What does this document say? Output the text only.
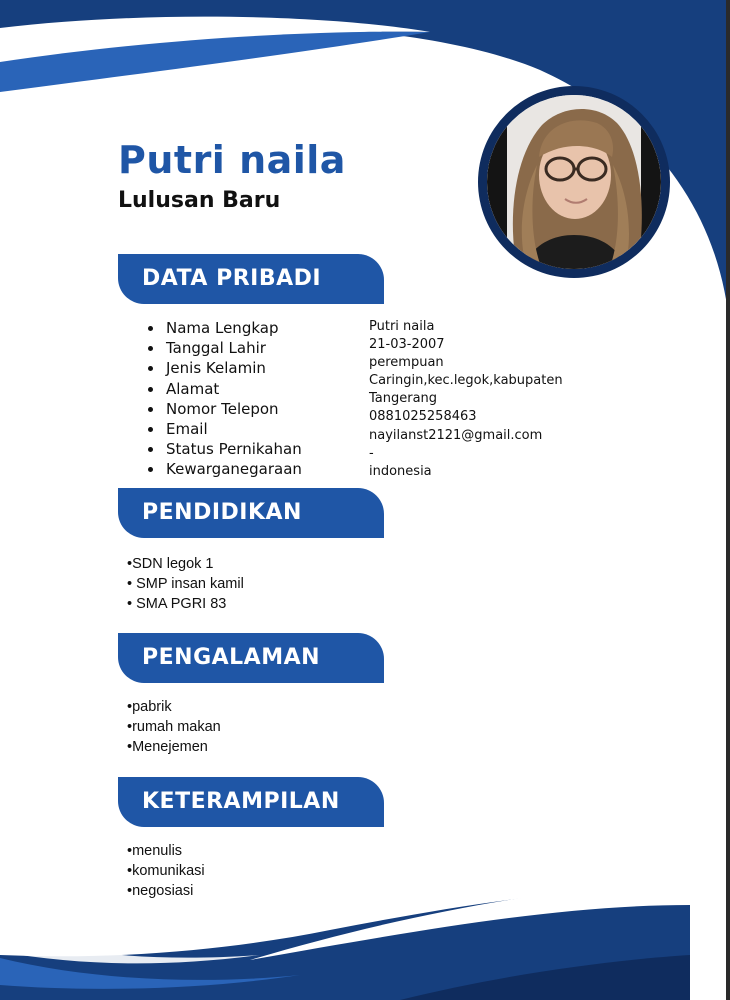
Putri naila
Lulusan Baru
DATA PRIBADI
Nama Lengkap
Tanggal Lahir
Jenis Kelamin
Alamat
Nomor Telepon
Email
Status Pernikahan
Kewarganegaraan
Putri naila
21-03-2007
perempuan
Caringin,kec.legok,kabupaten
Tangerang
0881025258463
nayilanst2121@gmail.com
-
indonesia
PENDIDIKAN
•SDN legok 1
• SMP insan kamil
• SMA PGRI 83
PENGALAMAN
•pabrik
•rumah makan
•Menejemen
KETERAMPILAN
•menulis
•komunikasi
•negosiasi
